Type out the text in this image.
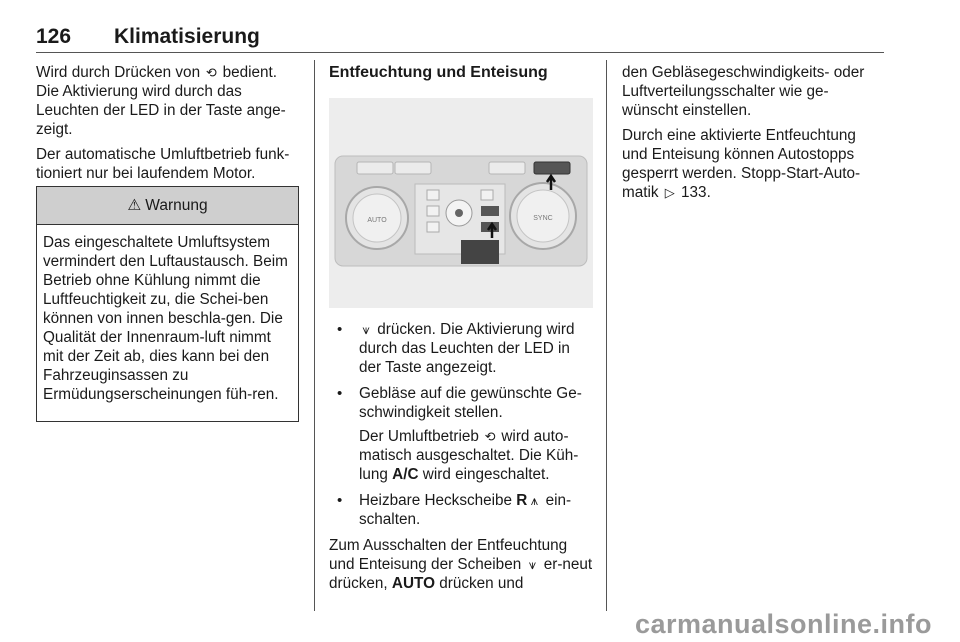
126 Klimatisierung

Wird durch Drücken von ⟲ bedient. Die Aktivierung wird durch das Leuchten der LED in der Taste ange-zeigt.

Der automatische Umluftbetrieb funk-tioniert nur bei laufendem Motor.

⚠ Warnung
Das eingeschaltete Umluftsystem vermindert den Luftaustausch. Beim Betrieb ohne Kühlung nimmt die Luftfeuchtigkeit zu, die Schei-ben können von innen beschla-gen. Die Qualität der Innenraum-luft nimmt mit der Zeit ab, dies kann bei den Fahrzeuginsassen zu Ermüdungserscheinungen füh-ren.
Entfeuchtung und Enteisung
AUTO	SYNC
• ⩛ drücken. Die Aktivierung wird durch das Leuchten der LED in der Taste angezeigt.
• Gebläse auf die gewünschte Ge-schwindigkeit stellen.
Der Umluftbetrieb ⟲ wird auto-matisch ausgeschaltet. Die Küh-lung A/C wird eingeschaltet.
• Heizbare Heckscheibe R ⩚ ein-schalten.

Zum Ausschalten der Entfeuchtung und Enteisung der Scheiben ⩛ er-neut drücken, AUTO drücken und

den Gebläsegeschwindigkeits- oder Luftverteilungsschalter wie ge-wünscht einstellen.

Durch eine aktivierte Entfeuchtung und Enteisung können Autostopps gesperrt werden. Stopp-Start-Auto-matik ▷ 133.

carmanualsonline.info
